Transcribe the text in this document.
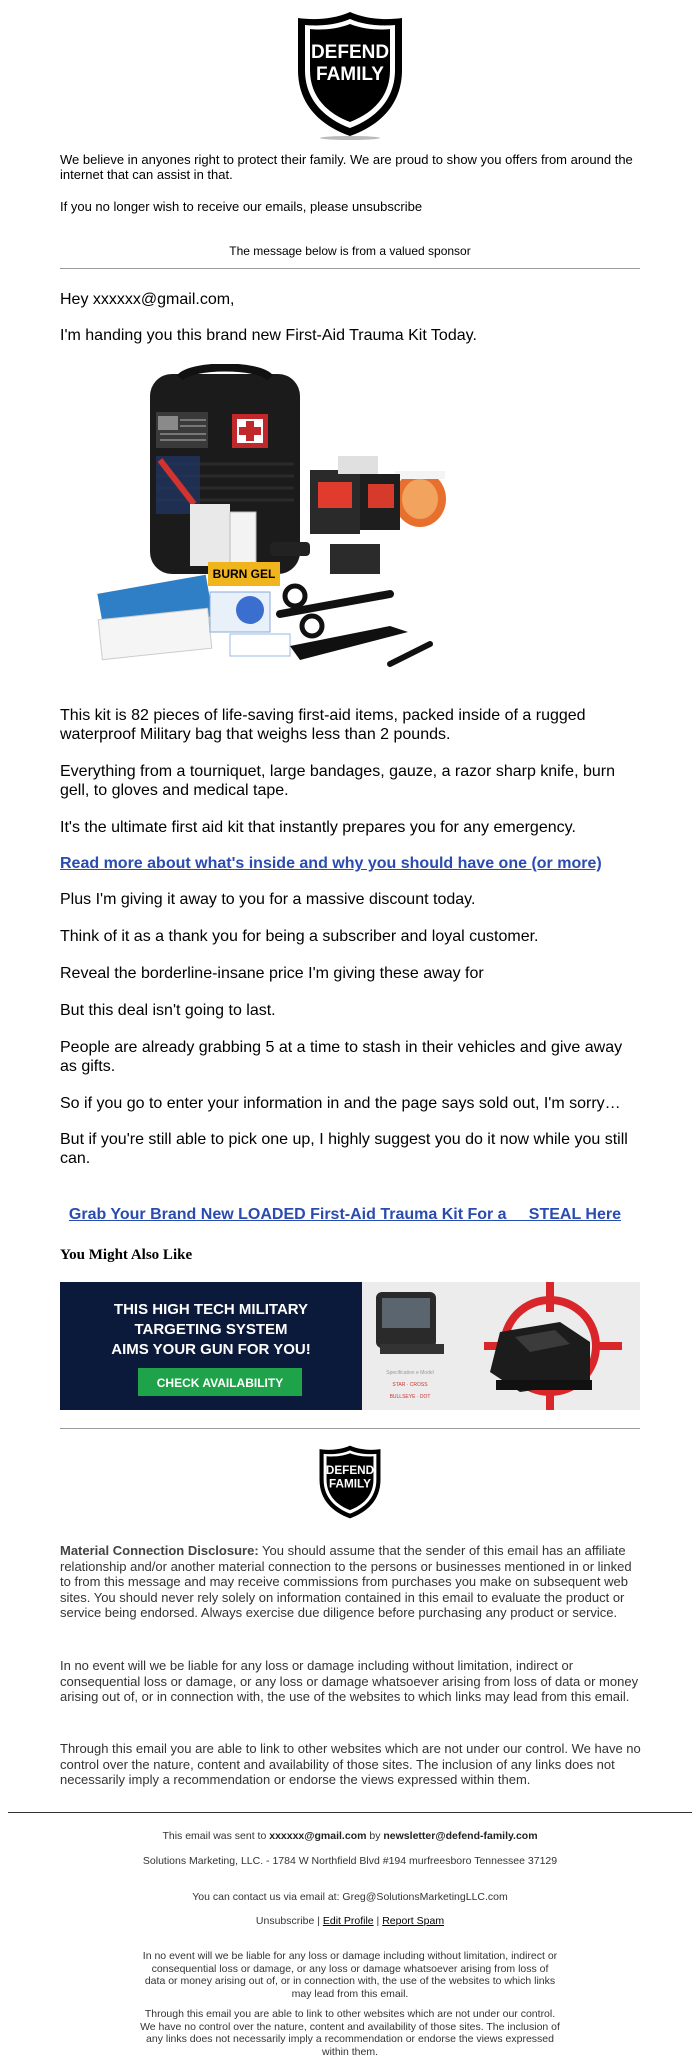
DEFEND
FAMILY

We believe in anyones right to protect their family. We are proud to show you offers from around the internet that can assist in that.

If you no longer wish to receive our emails, please unsubscribe

The message below is from a valued sponsor

Hey xxxxxx@gmail.com,

I'm handing you this brand new First-Aid Trauma Kit Today.

BURN GEL

This kit is 82 pieces of life-saving first-aid items, packed inside of a rugged waterproof Military bag that weighs less than 2 pounds.

Everything from a tourniquet, large bandages, gauze, a razor sharp knife, burn gell, to gloves and medical tape.

It's the ultimate first aid kit that instantly prepares you for any emergency.

Read more about what's inside and why you should have one (or more)

Plus I'm giving it away to you for a massive discount today.

Think of it as a thank you for being a subscriber and loyal customer.

Reveal the borderline-insane price I'm giving these away for

But this deal isn't going to last.

People are already grabbing 5 at a time to stash in their vehicles and give away as gifts.

So if you go to enter your information in and the page says sold out, I'm sorry…

But if you're still able to pick one up, I highly suggest you do it now while you still can.

Grab Your Brand New LOADED First-Aid Trauma Kit For a     STEAL Here

You Might Also Like
THIS HIGH TECH MILITARY
TARGETING SYSTEM
AIMS YOUR GUN FOR YOU!
CHECK AVAILABILITY
Specification e Model
STAR · CROSS
BULLSEYE · DOT
DEFEND
FAMILY

Material Connection Disclosure: You should assume that the sender of this email has an affiliate relationship and/or another material connection to the persons or businesses mentioned in or linked to from this message and may receive commissions from purchases you make on subsequent web sites. You should never rely solely on information contained in this email to evaluate the product or service being endorsed. Always exercise due diligence before purchasing any product or service.

In no event will we be liable for any loss or damage including without limitation, indirect or consequential loss or damage, or any loss or damage whatsoever arising from loss of data or money arising out of, or in connection with, the use of the websites to which links may lead from this email.

Through this email you are able to link to other websites which are not under our control. We have no control over the nature, content and availability of those sites. The inclusion of any links does not necessarily imply a recommendation or endorse the views expressed within them.

This email was sent to xxxxxx@gmail.com by newsletter@defend-family.com

Solutions Marketing, LLC. - 1784 W Northfield Blvd #194 murfreesboro Tennessee 37129

You can contact us via email at: Greg@SolutionsMarketingLLC.com

Unsubscribe | Edit Profile | Report Spam

In no event will we be liable for any loss or damage including without limitation, indirect or consequential loss or damage, or any loss or damage whatsoever arising from loss of data or money arising out of, or in connection with, the use of the websites to which links may lead from this email.

Through this email you are able to link to other websites which are not under our control. We have no control over the nature, content and availability of those sites. The inclusion of any links does not necessarily imply a recommendation or endorse the views expressed within them.
